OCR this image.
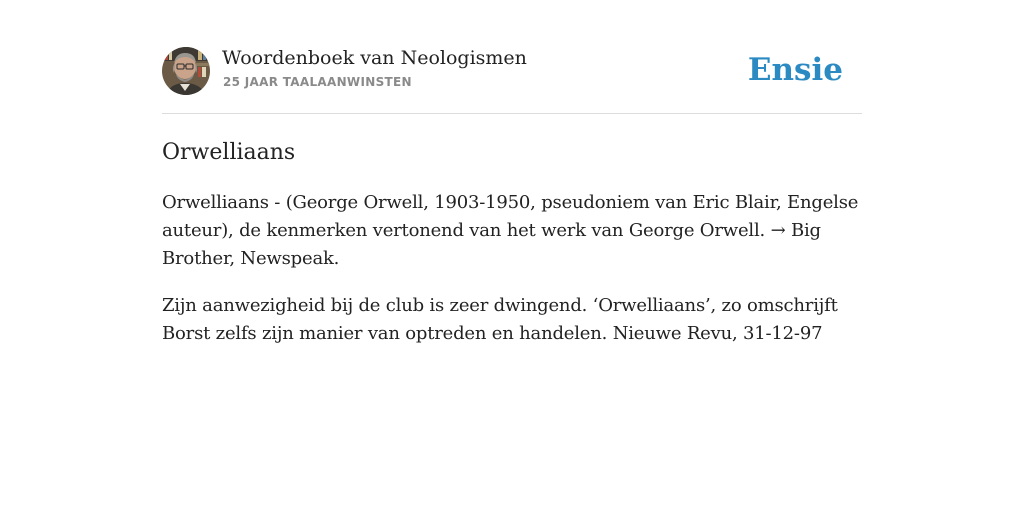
Woordenboek van Neologismen
25 JAAR TAALAANWINSTEN	Ensie
Orwelliaans

Orwelliaans - (George Orwell, 1903-1950, pseudoniem van Eric Blair, Engelse auteur), de kenmerken vertonend van het werk van George Orwell. → Big Brother, Newspeak.

Zijn aanwezigheid bij de club is zeer dwingend. ‘Orwelliaans’, zo omschrijft Borst zelfs zijn manier van optreden en handelen. Nieuwe Revu, 31-12-97
